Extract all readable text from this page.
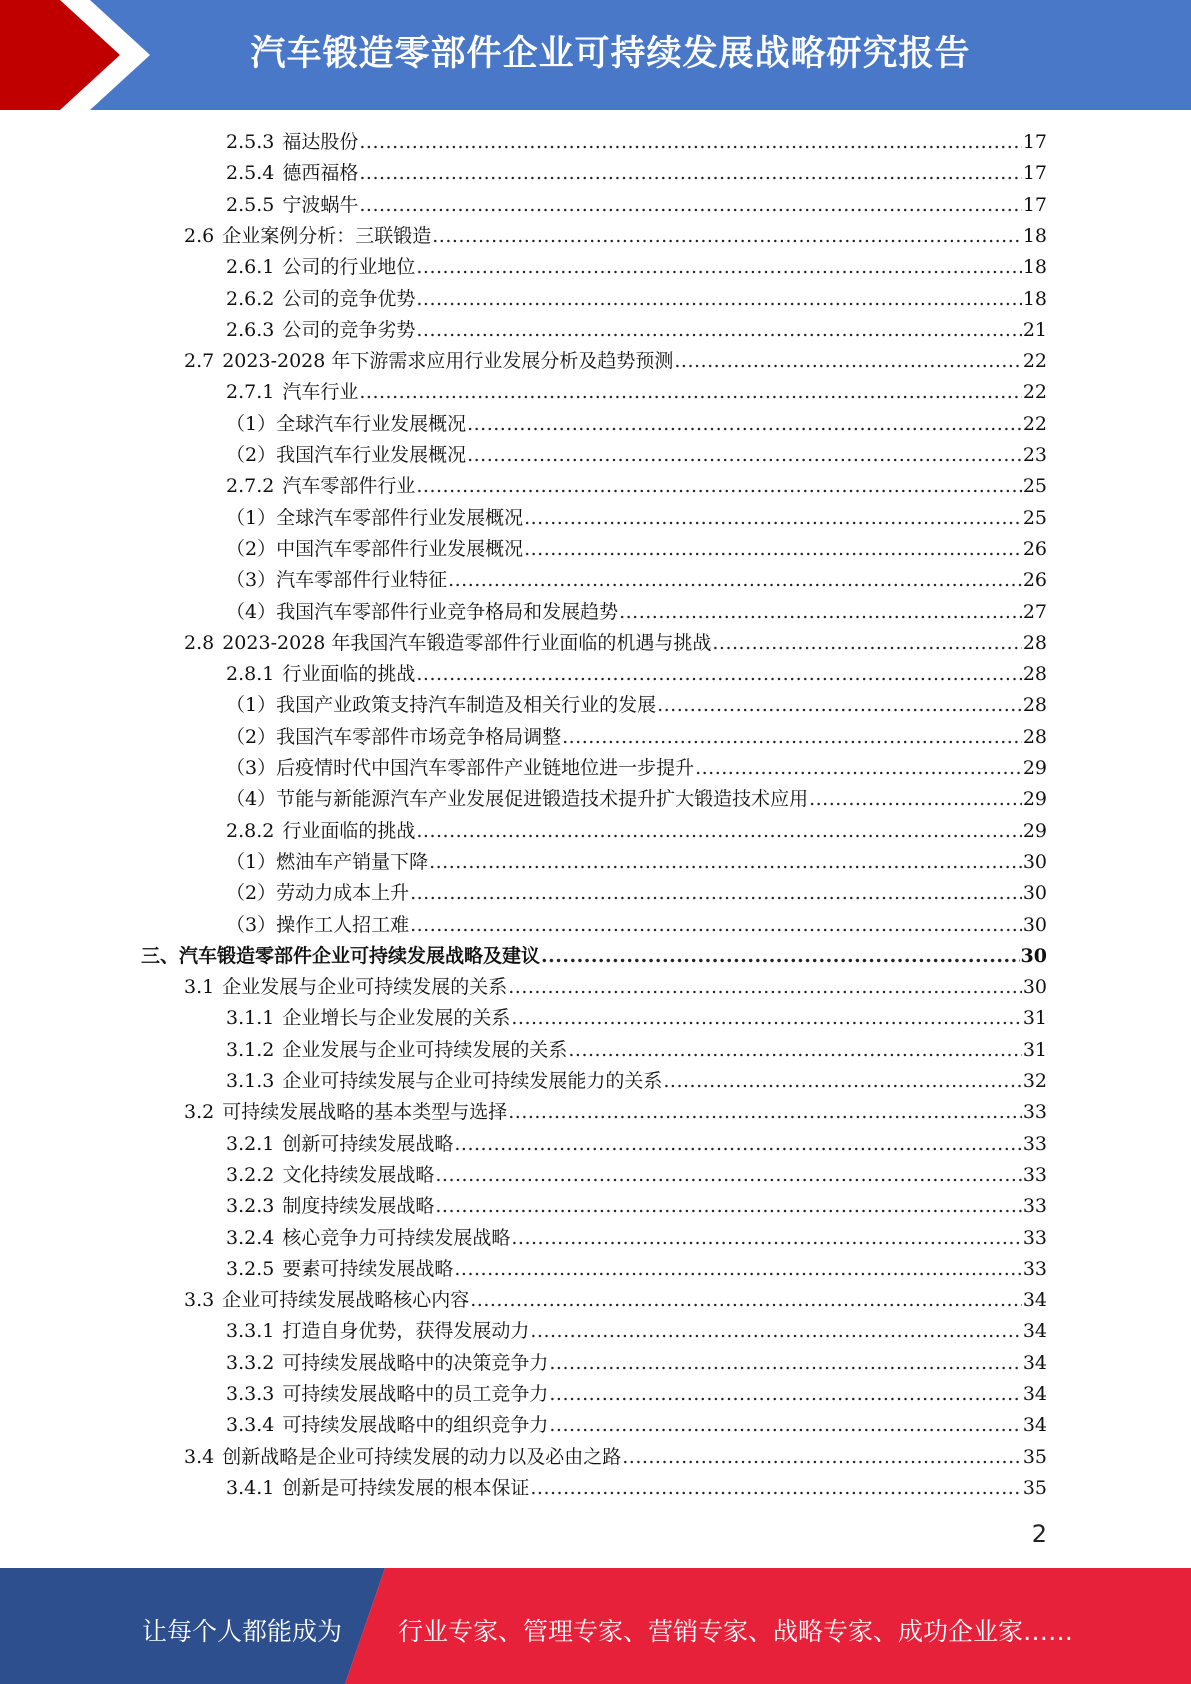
汽车锻造零部件企业可持续发展战略研究报告
2.5.3 福达股份 .....	17
2.5.4 德西福格 .....	17
2.5.5 宁波蜗牛 .....	17
2.6 企业案例分析：三联锻造 .....	18
2.6.1 公司的行业地位 .....	18
2.6.2 公司的竞争优势 .....	18
2.6.3 公司的竞争劣势 .....	21
2.7 2023-2028 年下游需求应用行业发展分析及趋势预测 .....	22
2.7.1 汽车行业 .....	22
（1）全球汽车行业发展概况 .....	22
（2）我国汽车行业发展概况 .....	23
2.7.2 汽车零部件行业 .....	25
（1）全球汽车零部件行业发展概况 .....	25
（2）中国汽车零部件行业发展概况 .....	26
（3）汽车零部件行业特征 .....	26
（4）我国汽车零部件行业竞争格局和发展趋势 .....	27
2.8 2023-2028 年我国汽车锻造零部件行业面临的机遇与挑战 .....	28
2.8.1 行业面临的挑战 .....	28
（1）我国产业政策支持汽车制造及相关行业的发展 .....	28
（2）我国汽车零部件市场竞争格局调整 .....	28
（3）后疫情时代中国汽车零部件产业链地位进一步提升 .....	29
（4）节能与新能源汽车产业发展促进锻造技术提升扩大锻造技术应用 .....	29
2.8.2 行业面临的挑战 .....	29
（1）燃油车产销量下降 .....	30
（2）劳动力成本上升 .....	30
（3）操作工人招工难 .....	30
三、汽车锻造零部件企业可持续发展战略及建议 .....	30
3.1 企业发展与企业可持续发展的关系 .....	30
3.1.1 企业增长与企业发展的关系 .....	31
3.1.2 企业发展与企业可持续发展的关系 .....	31
3.1.3 企业可持续发展与企业可持续发展能力的关系 .....	32
3.2 可持续发展战略的基本类型与选择 .....	33
3.2.1 创新可持续发展战略 .....	33
3.2.2 文化持续发展战略 .....	33
3.2.3 制度持续发展战略 .....	33
3.2.4 核心竞争力可持续发展战略 .....	33
3.2.5 要素可持续发展战略 .....	33
3.3 企业可持续发展战略核心内容 .....	34
3.3.1 打造自身优势，获得发展动力 .....	34
3.3.2 可持续发展战略中的决策竞争力 .....	34
3.3.3 可持续发展战略中的员工竞争力 .....	34
3.3.4 可持续发展战略中的组织竞争力 .....	34
3.4 创新战略是企业可持续发展的动力以及必由之路 .....	35
3.4.1 创新是可持续发展的根本保证 .....	35
2
让每个人都能成为 行业专家、管理专家、营销专家、战略专家、成功企业家……
